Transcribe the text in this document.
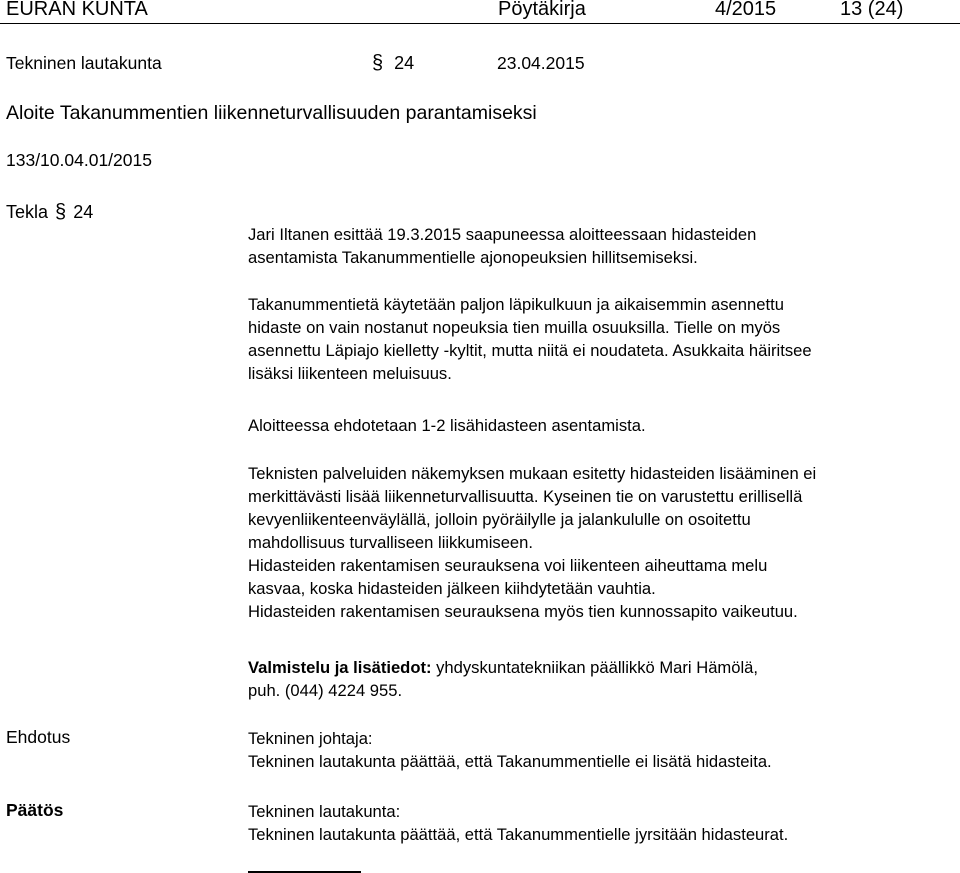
EURAN KUNTA	Pöytäkirja	4/2015	13 (24)
Tekninen lautakunta	§ 24	23.04.2015
Aloite Takanummentien liikenneturvallisuuden parantamiseksi
133/10.04.01/2015
Tekla § 24

Jari Iltanen esittää 19.3.2015 saapuneessa aloitteessaan hidasteiden

asentamista Takanummentielle ajonopeuksien hillitsemiseksi.

Takanummentietä käytetään paljon läpikulkuun ja aikaisemmin asennettu

hidaste on vain nostanut nopeuksia tien muilla osuuksilla. Tielle on myös

asennettu Läpiajo kielletty -kyltit, mutta niitä ei noudateta. Asukkaita häiritsee

lisäksi liikenteen meluisuus.

Aloitteessa ehdotetaan 1-2 lisähidasteen asentamista.

Teknisten palveluiden näkemyksen mukaan esitetty hidasteiden lisääminen ei

merkittävästi lisää liikenneturvallisuutta. Kyseinen tie on varustettu erillisellä

kevyenliikenteenväylällä, jolloin pyöräilylle ja jalankululle on osoitettu

mahdollisuus turvalliseen liikkumiseen.

Hidasteiden rakentamisen seurauksena voi liikenteen aiheuttama melu

kasvaa, koska hidasteiden jälkeen kiihdytetään vauhtia.

Hidasteiden rakentamisen seurauksena myös tien kunnossapito vaikeutuu.

Valmistelu ja lisätiedot: yhdyskuntatekniikan päällikkö Mari Hämölä,

puh. (044) 4224 955.

Ehdotus	Tekninen johtaja:

Tekninen lautakunta päättää, että Takanummentielle ei lisätä hidasteita.

Päätös	Tekninen lautakunta:

Tekninen lautakunta päättää, että Takanummentielle jyrsitään hidasteurat.
